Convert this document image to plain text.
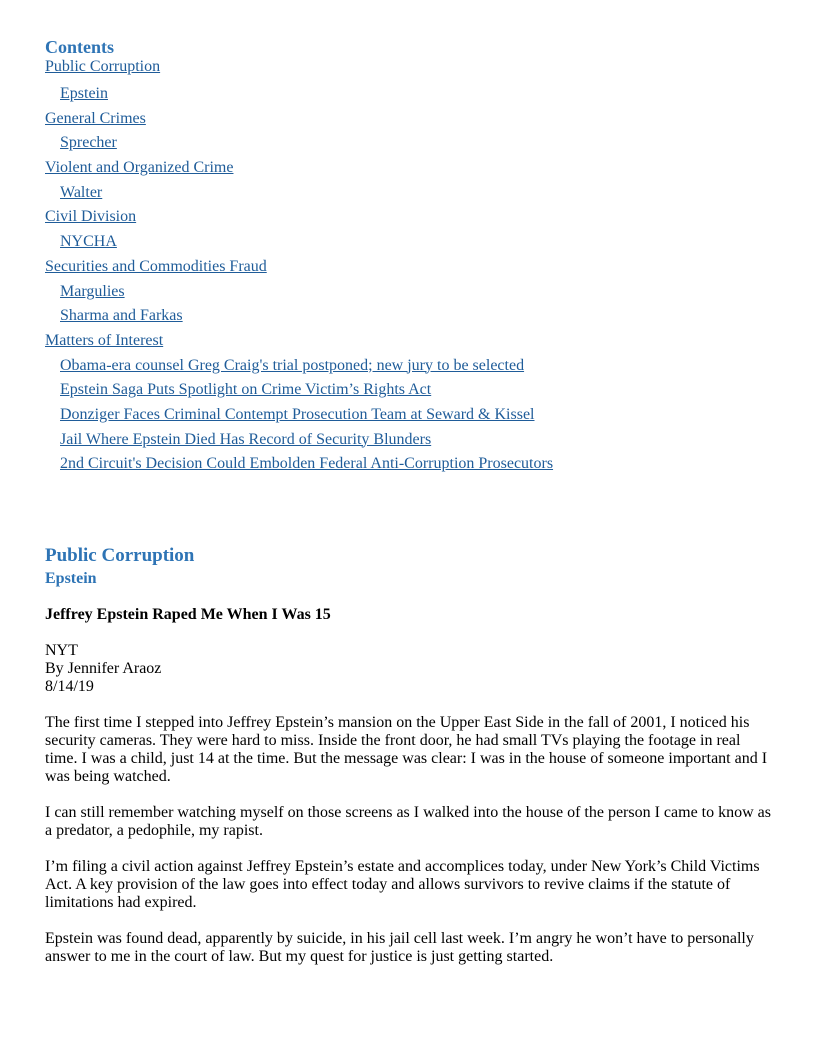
Contents
Public Corruption
Epstein
General Crimes
Sprecher
Violent and Organized Crime
Walter
Civil Division
NYCHA
Securities and Commodities Fraud
Margulies
Sharma and Farkas
Matters of Interest
Obama-era counsel Greg Craig's trial postponed; new jury to be selected
Epstein Saga Puts Spotlight on Crime Victim’s Rights Act
Donziger Faces Criminal Contempt Prosecution Team at Seward & Kissel
Jail Where Epstein Died Has Record of Security Blunders
2nd Circuit's Decision Could Embolden Federal Anti-Corruption Prosecutors
Public Corruption
Epstein

Jeffrey Epstein Raped Me When I Was 15

NYT

By Jennifer Araoz

8/14/19

The first time I stepped into Jeffrey Epstein’s mansion on the Upper East Side in the fall of 2001, I noticed his security cameras. They were hard to miss. Inside the front door, he had small TVs playing the footage in real time. I was a child, just 14 at the time. But the message was clear: I was in the house of someone important and I was being watched.

I can still remember watching myself on those screens as I walked into the house of the person I came to know as a predator, a pedophile, my rapist.

I’m filing a civil action against Jeffrey Epstein’s estate and accomplices today, under New York’s Child Victims Act. A key provision of the law goes into effect today and allows survivors to revive claims if the statute of limitations had expired.

Epstein was found dead, apparently by suicide, in his jail cell last week. I’m angry he won’t have to personally answer to me in the court of law. But my quest for justice is just getting started.
